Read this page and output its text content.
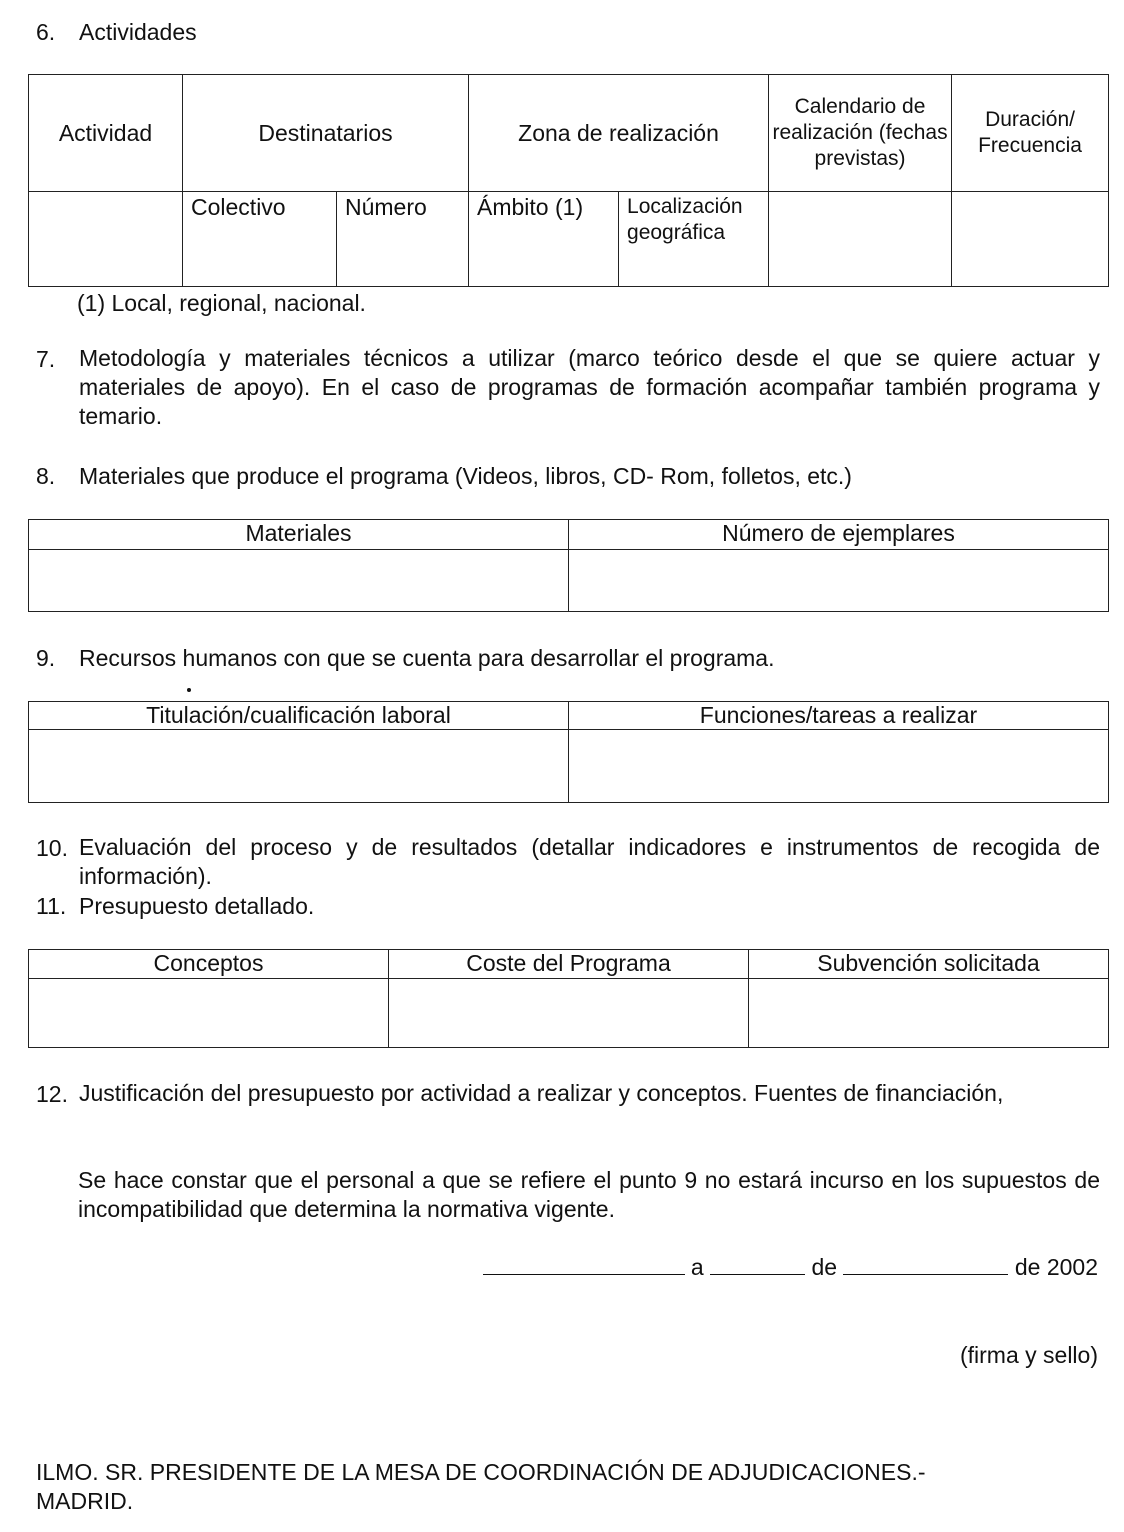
6.	Actividades
Actividad	Destinatarios		Zona de realización		Calendario de realización (fechas previstas)	Duración/ Frecuencia
	Colectivo	Número	Ámbito (1)	Localización geográfica		
(1) Local, regional, nacional.
7.	Metodología y materiales técnicos a utilizar (marco teórico desde el que se quiere actuar y materiales de apoyo). En el caso de programas de formación acompañar también programa y temario.
8.	Materiales que produce el programa (Videos, libros, CD- Rom, folletos, etc.)
Materiales	Número de ejemplares

9.	Recursos humanos con que se cuenta para desarrollar el programa.
Titulación/cualificación laboral	Funciones/tareas a realizar

10. Evaluación del proceso y de resultados (detallar indicadores e instrumentos de recogida de información).
11. Presupuesto detallado.
Conceptos	Coste del Programa	Subvención solicitada

12. Justificación del presupuesto por actividad a realizar y conceptos. Fuentes de financiación,
Se hace constar que el personal a que se refiere el punto 9 no estará incurso en los supuestos de incompatibilidad que determina la normativa vigente.
a	de	de 2002
(firma y sello)
ILMO. SR. PRESIDENTE DE LA MESA DE COORDINACIÓN DE ADJUDICACIONES.-
MADRID.
